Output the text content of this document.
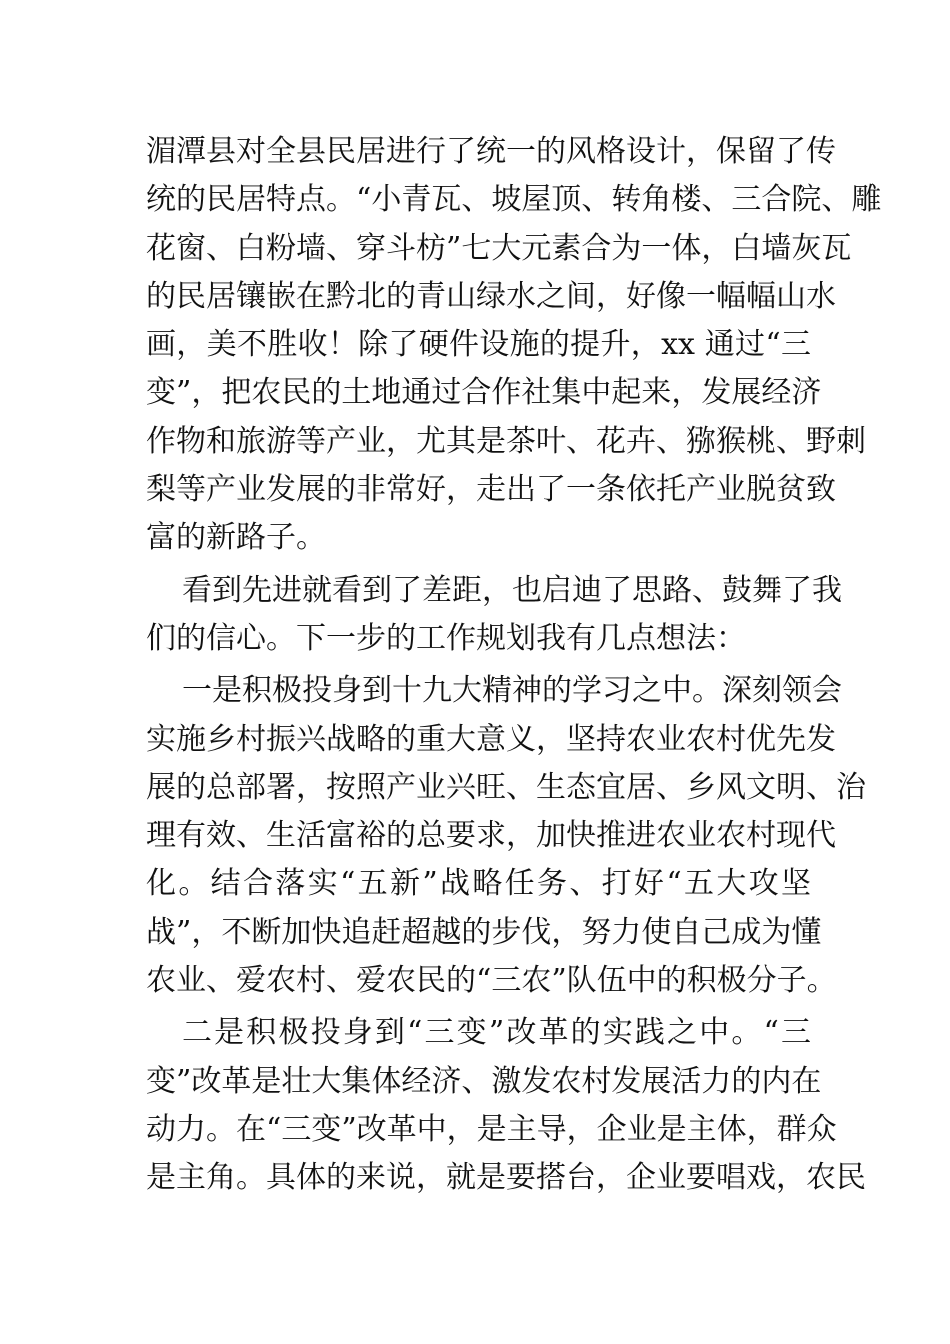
湄潭县对全县民居进行了统一的风格设计，保留了传
统的民居特点。“小青瓦、坡屋顶、转角楼、三合院、雕
花窗、白粉墙、穿斗枋”七大元素合为一体，白墙灰瓦
的民居镶嵌在黔北的青山绿水之间，好像一幅幅山水
画，美不胜收！除了硬件设施的提升，xx 通过“三
变”，把农民的土地通过合作社集中起来，发展经济
作物和旅游等产业，尤其是茶叶、花卉、猕猴桃、野刺
梨等产业发展的非常好，走出了一条依托产业脱贫致
富的新路子。
看到先进就看到了差距，也启迪了思路、鼓舞了我
们的信心。下一步的工作规划我有几点想法：
一是积极投身到十九大精神的学习之中。深刻领会
实施乡村振兴战略的重大意义，坚持农业农村优先发
展的总部署，按照产业兴旺、生态宜居、乡风文明、治
理有效、生活富裕的总要求，加快推进农业农村现代
化。结合落实“五新”战略任务、打好“五大攻坚
战”，不断加快追赶超越的步伐，努力使自己成为懂
农业、爱农村、爱农民的“三农”队伍中的积极分子。
二是积极投身到“三变”改革的实践之中。“三
变”改革是壮大集体经济、激发农村发展活力的内在
动力。在“三变”改革中，是主导，企业是主体，群众
是主角。具体的来说，就是要搭台，企业要唱戏，农民
